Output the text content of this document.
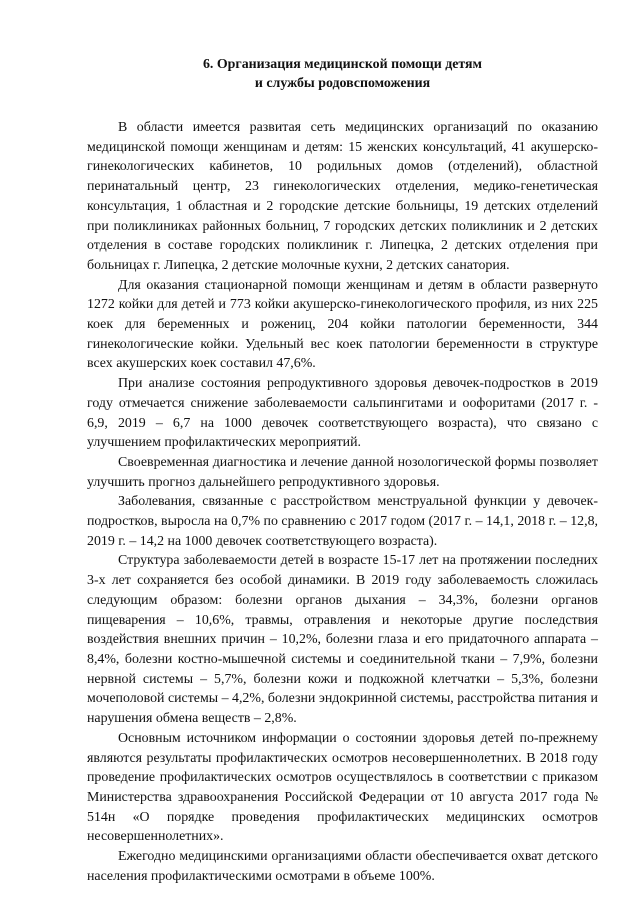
6. Организация медицинской помощи детям
и службы родовспоможения

В области имеется развитая сеть медицинских организаций по оказанию медицинской помощи женщинам и детям: 15 женских консультаций, 41 акушерско-гинекологических кабинетов, 10 родильных домов (отделений), областной перинатальный центр, 23 гинекологических отделения, медико-генетическая консультация, 1 областная и 2 городские детские больницы, 19 детских отделений при поликлиниках районных больниц, 7 городских детских поликлиник и 2 детских отделения в составе городских поликлиник г. Липецка, 2 детских отделения при больницах г. Липецка, 2 детские молочные кухни, 2 детских санатория.

Для оказания стационарной помощи женщинам и детям в области развернуто 1272 койки для детей и 773 койки акушерско-гинекологического профиля, из них 225 коек для беременных и рожениц, 204 койки патологии беременности, 344 гинекологические койки. Удельный вес коек патологии беременности в структуре всех акушерских коек составил 47,6%.

При анализе состояния репродуктивного здоровья девочек-подростков в 2019 году отмечается снижение заболеваемости сальпингитами и оофоритами (2017 г. - 6,9, 2019 – 6,7 на 1000 девочек соответствующего возраста), что связано с улучшением профилактических мероприятий.

Своевременная диагностика и лечение данной нозологической формы позволяет улучшить прогноз дальнейшего репродуктивного здоровья.

Заболевания, связанные с расстройством менструальной функции у девочек-подростков, выросла на 0,7% по сравнению с 2017 годом (2017 г. – 14,1, 2018 г. – 12,8, 2019 г. – 14,2 на 1000 девочек соответствующего возраста).

Структура заболеваемости детей в возрасте 15-17 лет на протяжении последних 3-х лет сохраняется без особой динамики. В 2019 году заболеваемость сложилась следующим образом: болезни органов дыхания – 34,3%, болезни органов пищеварения – 10,6%, травмы, отравления и некоторые другие последствия воздействия внешних причин – 10,2%, болезни глаза и его придаточного аппарата – 8,4%, болезни костно-мышечной системы и соединительной ткани – 7,9%, болезни нервной системы – 5,7%, болезни кожи и подкожной клетчатки – 5,3%, болезни мочеполовой системы – 4,2%, болезни эндокринной системы, расстройства питания и нарушения обмена веществ – 2,8%.

Основным источником информации о состоянии здоровья детей по-прежнему являются результаты профилактических осмотров несовершеннолетних. В 2018 году проведение профилактических осмотров осуществлялось в соответствии с приказом Министерства здравоохранения Российской Федерации от 10 августа 2017 года № 514н «О порядке проведения профилактических медицинских осмотров несовершеннолетних».

Ежегодно медицинскими организациями области обеспечивается охват детского населения профилактическими осмотрами в объеме 100%.
